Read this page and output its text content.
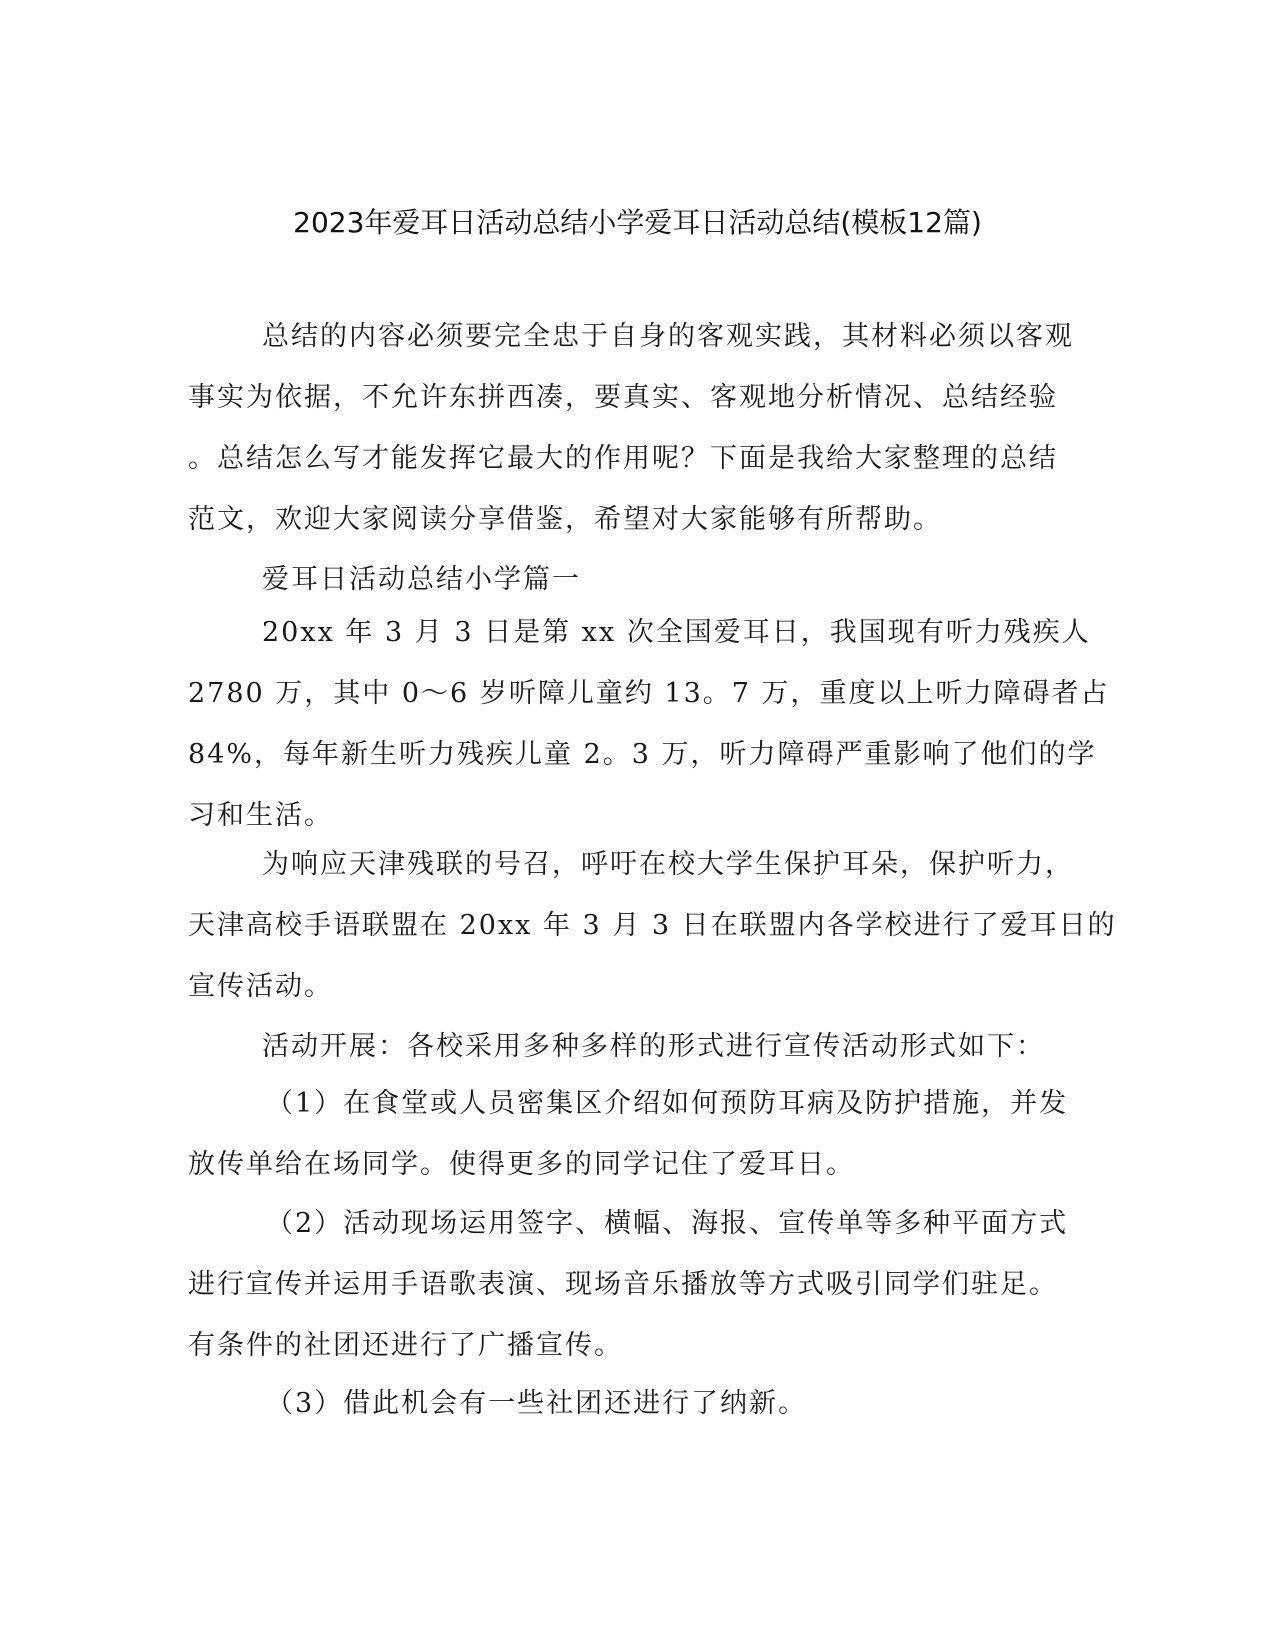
2023年爱耳日活动总结小学爱耳日活动总结(模板12篇)
总结的内容必须要完全忠于自身的客观实践，其材料必须以客观
事实为依据，不允许东拼西凑，要真实、客观地分析情况、总结经验
。总结怎么写才能发挥它最大的作用呢？下面是我给大家整理的总结
范文，欢迎大家阅读分享借鉴，希望对大家能够有所帮助。
爱耳日活动总结小学篇一
20xx 年 3 月 3 日是第 xx 次全国爱耳日，我国现有听力残疾人
2780 万，其中 0～6 岁听障儿童约 13。7 万，重度以上听力障碍者占
84%，每年新生听力残疾儿童 2。3 万，听力障碍严重影响了他们的学
习和生活。
为响应天津残联的号召，呼吁在校大学生保护耳朵，保护听力，
天津高校手语联盟在 20xx 年 3 月 3 日在联盟内各学校进行了爱耳日的
宣传活动。
活动开展：各校采用多种多样的形式进行宣传活动形式如下：
（1）在食堂或人员密集区介绍如何预防耳病及防护措施，并发
放传单给在场同学。使得更多的同学记住了爱耳日。
（2）活动现场运用签字、横幅、海报、宣传单等多种平面方式
进行宣传并运用手语歌表演、现场音乐播放等方式吸引同学们驻足。
有条件的社团还进行了广播宣传。
（3）借此机会有一些社团还进行了纳新。
